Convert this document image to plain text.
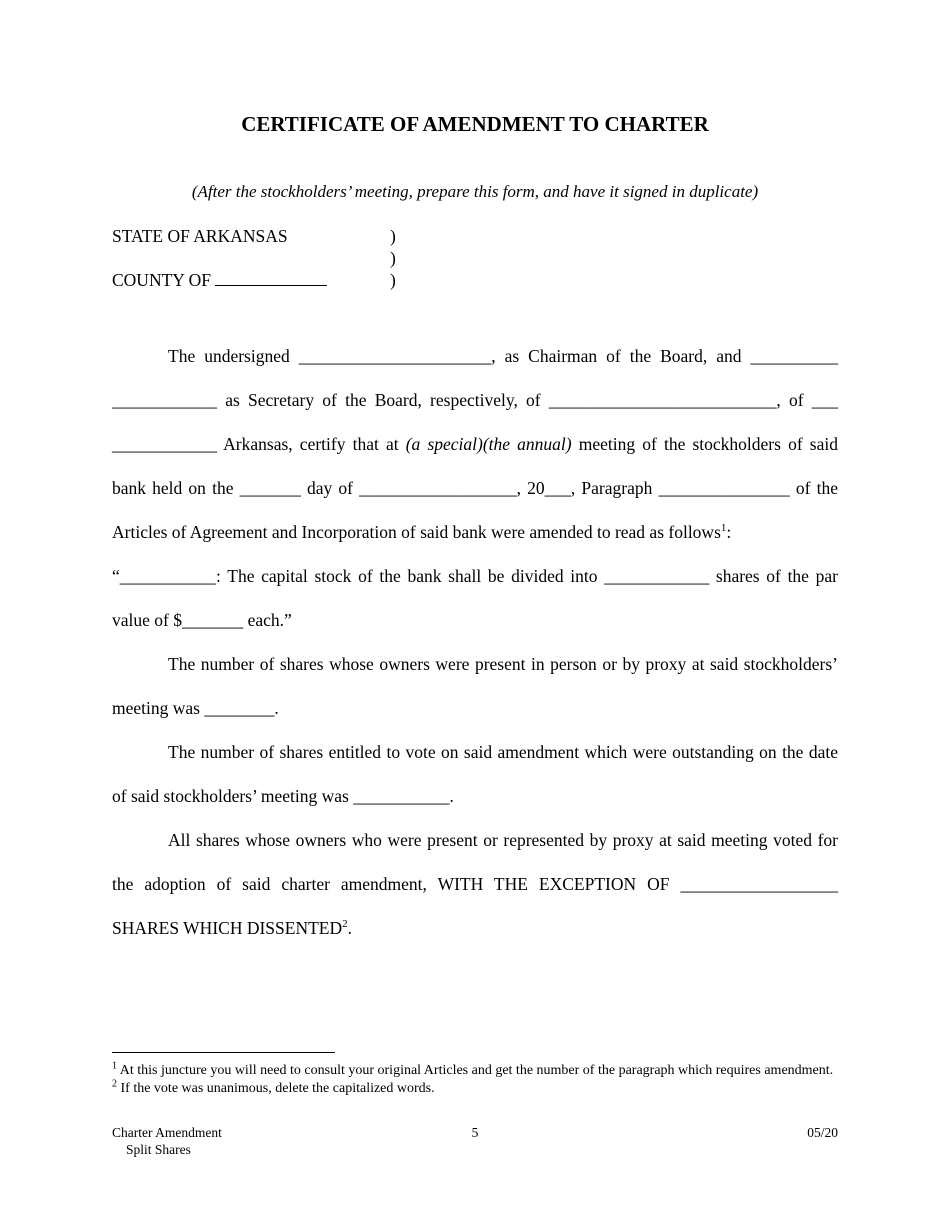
CERTIFICATE OF AMENDMENT TO CHARTER
(After the stockholders’ meeting, prepare this form, and have it signed in duplicate)
STATE OF ARKANSAS
COUNTY OF
)
)
)

The undersigned ______________________, as Chairman of the Board, and __________ ____________ as Secretary of the Board, respectively, of __________________________, of ___ ____________ Arkansas, certify that at (a special)(the annual) meeting of the stockholders of said bank held on the _______ day of __________________, 20___, Paragraph _______________ of the Articles of Agreement and Incorporation of said bank were amended to read as follows$^1$:

“___________: The capital stock of the bank shall be divided into ____________ shares of the par value of $_______ each.”

The number of shares whose owners were present in person or by proxy at said stockholders’ meeting was ________.

The number of shares entitled to vote on said amendment which were outstanding on the date of said stockholders’ meeting was ___________.

All shares whose owners who were present or represented by proxy at said meeting voted for the adoption of said charter amendment, WITH THE EXCEPTION OF __________________ SHARES WHICH DISSENTED$^2$.

$^1$ At this juncture you will need to consult your original Articles and get the number of the paragraph which requires amendment.

$^2$ If the vote was unanimous, delete the capitalized words.

Charter Amendment
Split Shares
5	05/20
